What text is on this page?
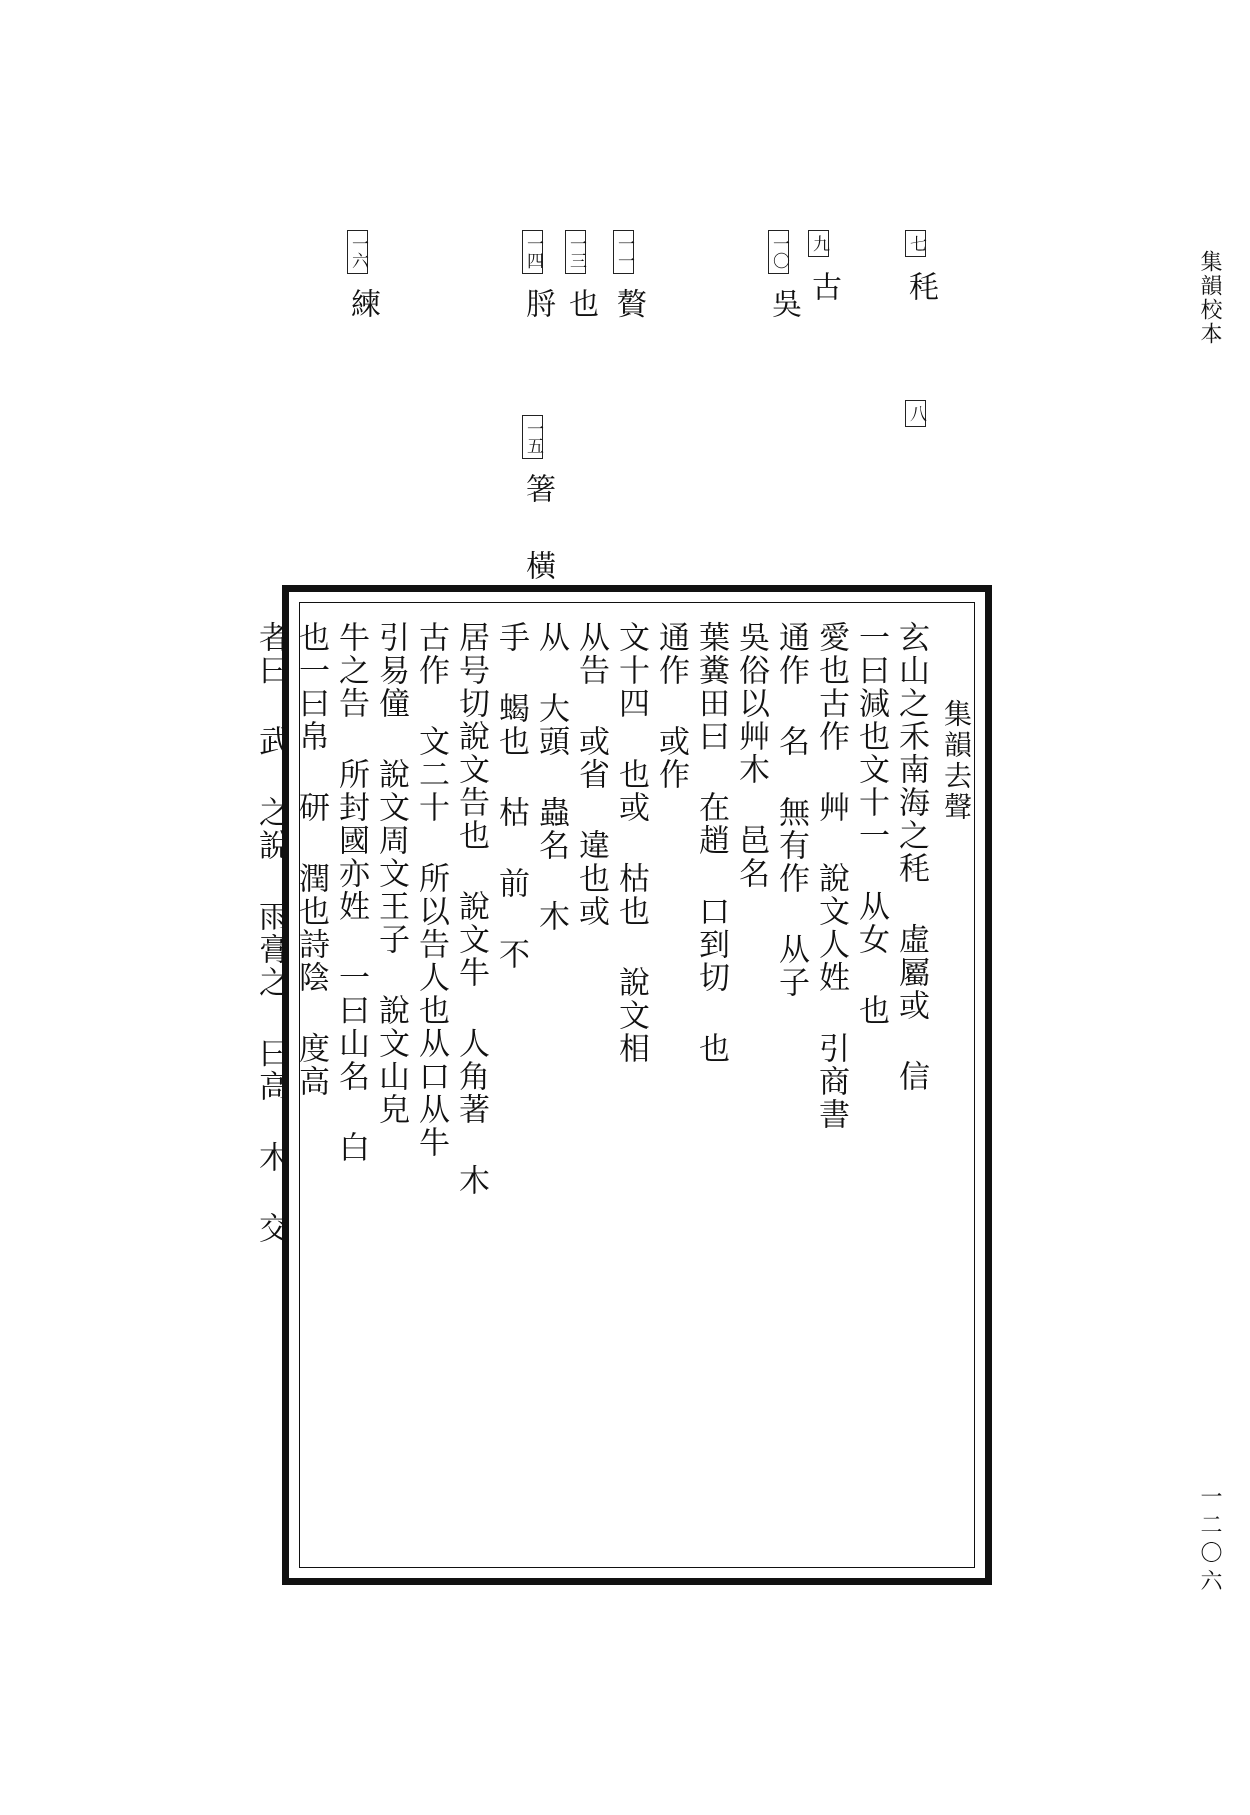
集韻校本
七 秏
八
九 古
一〇 吳
一一 贅
一三 也
一四 脟
一五 箸 橫
一六 練
集韻去聲
玄山之禾南海之秏 虛屬或 信
一曰減也文十一 从女 也
愛也古作 艸 說文人姓 引商書
通作 名 無有作 从子
吳俗以艸木 邑名
葉糞田曰 在趙 口到切 也
通作 或作
文十四 也或 枯也 說文相
从告 或省 違也或
从 大頭 蟲名 木
手 蝎也 枯 前 不
居号切說文告也 說文牛 人角著 木
古作 文二十 所以告人也从口从牛
引易僮 說文周文王子 說文山皃
牛之告 所封國亦姓 一曰山名 白
也一曰帛 研 潤也詩陰 度高
者曰 武 之說 雨膏之 曰高 木 交
一二〇六
